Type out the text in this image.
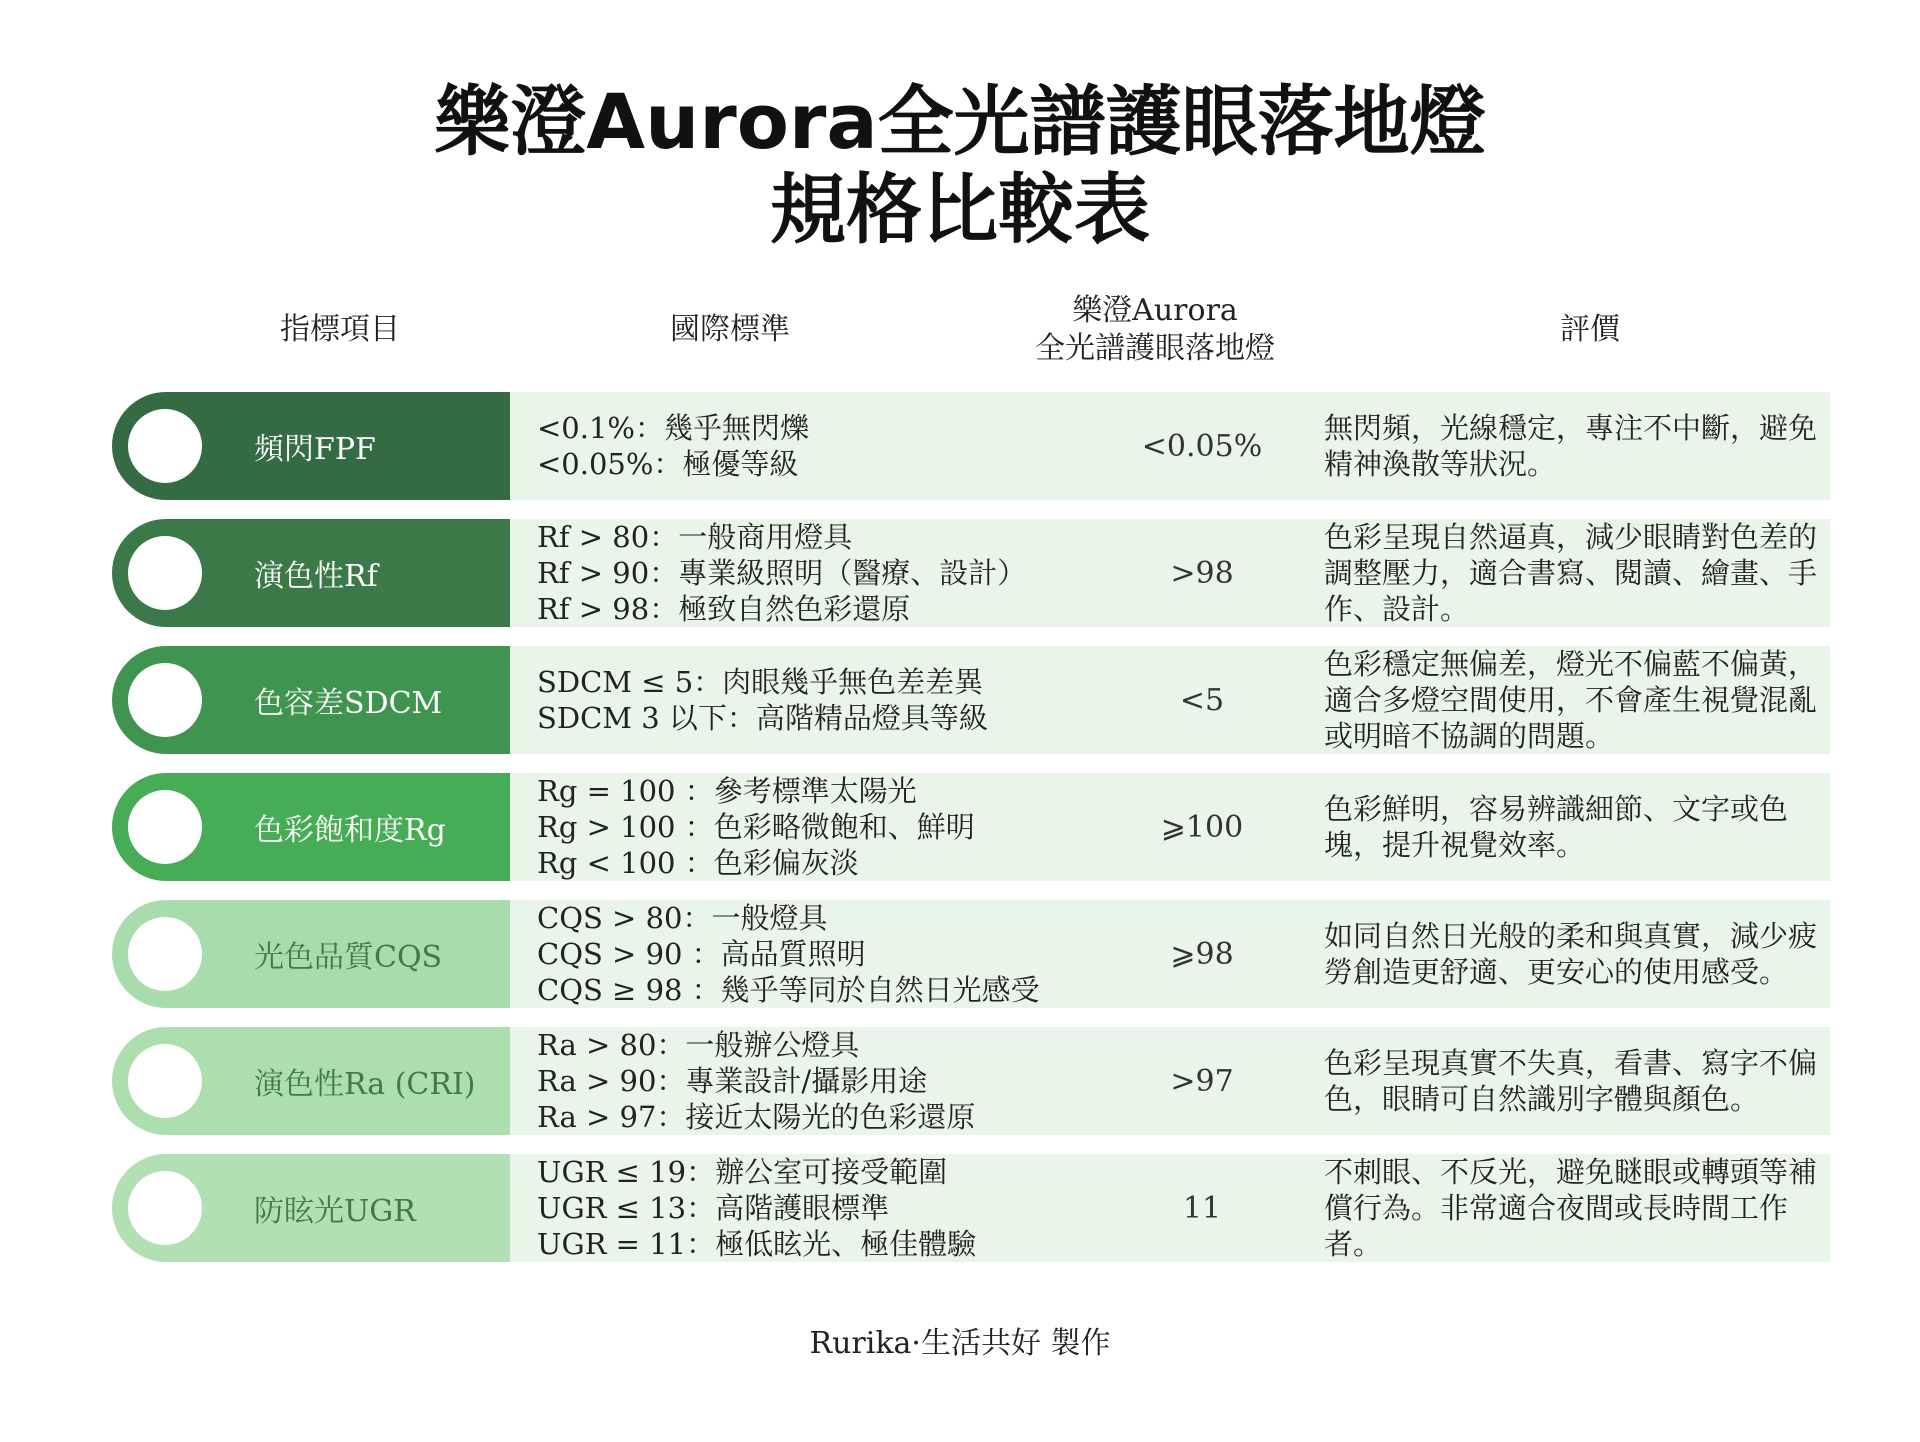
樂澄Aurora全光譜護眼落地燈
規格比較表
指標項目	國際標準
樂澄Aurora
全光譜護眼落地燈
評價
頻閃FPF
<0.1%：幾乎無閃爍
<0.05%：極優等級
<0.05%
無閃頻，光線穩定，專注不中斷，避免精神渙散等狀況。
演色性Rf
Rf > 80：一般商用燈具
Rf > 90：專業級照明（醫療、設計）
Rf > 98：極致自然色彩還原
>98
色彩呈現自然逼真，減少眼睛對色差的調整壓力，適合書寫、閱讀、繪畫、手作、設計。
色容差SDCM
SDCM ≤ 5：肉眼幾乎無色差差異
SDCM 3 以下：高階精品燈具等級
<5
色彩穩定無偏差，燈光不偏藍不偏黃，適合多燈空間使用，不會產生視覺混亂或明暗不協調的問題。
色彩飽和度Rg
Rg = 100 ：參考標準太陽光
Rg > 100 ：色彩略微飽和、鮮明
Rg < 100 ：色彩偏灰淡
⩾100
色彩鮮明，容易辨識細節、文字或色塊，提升視覺效率。
光色品質CQS
CQS > 80：一般燈具
CQS > 90 ：高品質照明
CQS ≥ 98 ：幾乎等同於自然日光感受
⩾98
如同自然日光般的柔和與真實，減少疲勞創造更舒適、更安心的使用感受。
演色性Ra (CRI)
Ra > 80：一般辦公燈具
Ra > 90：專業設計/攝影用途
Ra > 97：接近太陽光的色彩還原
>97
色彩呈現真實不失真，看書、寫字不偏色，眼睛可自然識別字體與顏色。
防眩光UGR
UGR ≤ 19：辦公室可接受範圍
UGR ≤ 13：高階護眼標準
UGR = 11：極低眩光、極佳體驗
11
不刺眼、不反光，避免瞇眼或轉頭等補償行為。非常適合夜間或長時間工作者。
Rurika·生活共好 製作
